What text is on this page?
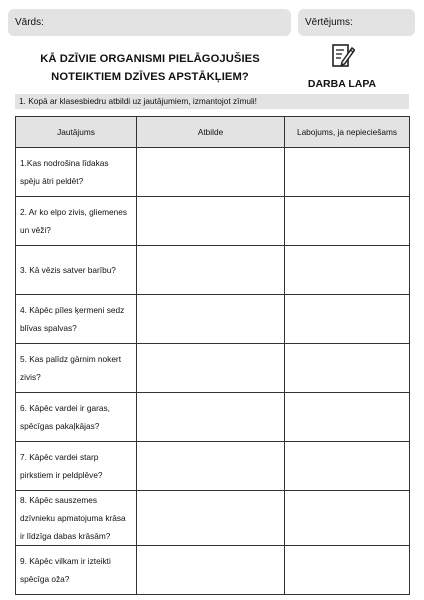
Vārds:	Vērtējums:
KĀ DZĪVIE ORGANISMI PIELĀGOJUŠIES
NOTEIKTIEM DZĪVES APSTĀKĻIEM?
DARBA LAPA
1. Kopā ar klasesbiedru atbildi uz jautājumiem, izmantojot zīmuli!
Jautājums	Atbilde	Labojums, ja nepieciešams

1.Kas nodrošina līdakas
spēju ātri peldēt?		

2. Ar ko elpo zivis, gliemenes
un vēži?		

3. Kā vēzis satver barību?		

4. Kāpēc pīles ķermeni sedz
blīvas spalvas?		

5. Kas palīdz gārnim nokert
zivis?		

6. Kāpēc vardei ir garas,
spēcīgas pakaļkājas?		

7. Kāpēc vardei starp
pirkstiem ir peldplēve?		

8. Kāpēc sauszemes
dzīvnieku apmatojuma krāsa
ir līdzīga dabas krāsām?		

9. Kāpēc vilkam ir izteikti
spēcīga oža?		
